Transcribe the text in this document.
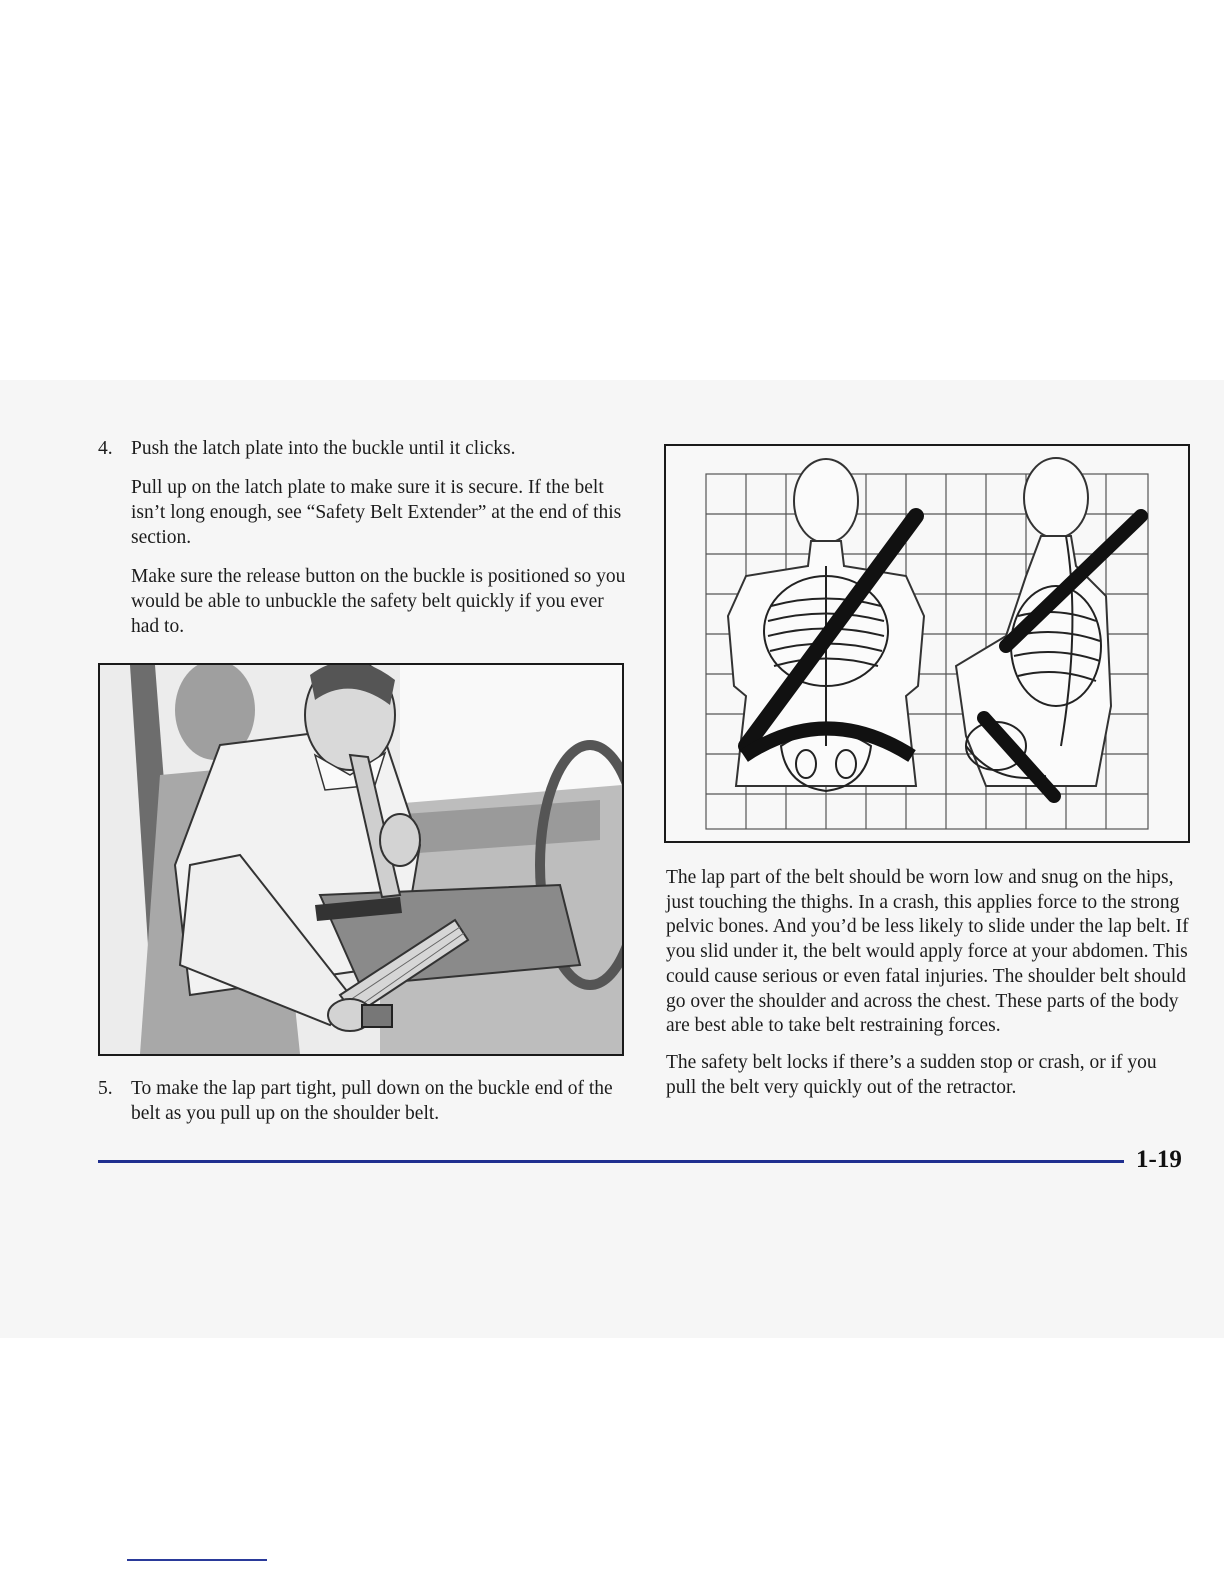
4. Push the latch plate into the buckle until it clicks.
Pull up on the latch plate to make sure it is secure. If the belt isn’t long enough, see “Safety Belt Extender” at the end of this section.
Make sure the release button on the buckle is positioned so you would be able to unbuckle the safety belt quickly if you ever had to.
5. To make the lap part tight, pull down on the buckle end of the belt as you pull up on the shoulder belt.

The lap part of the belt should be worn low and snug on the hips, just touching the thighs. In a crash, this applies force to the strong pelvic bones. And you’d be less likely to slide under the lap belt. If you slid under it, the belt would apply force at your abdomen. This could cause serious or even fatal injuries. The shoulder belt should go over the shoulder and across the chest. These parts of the body are best able to take belt restraining forces.

The safety belt locks if there’s a sudden stop or crash, or if you pull the belt very quickly out of the retractor.

1-19
